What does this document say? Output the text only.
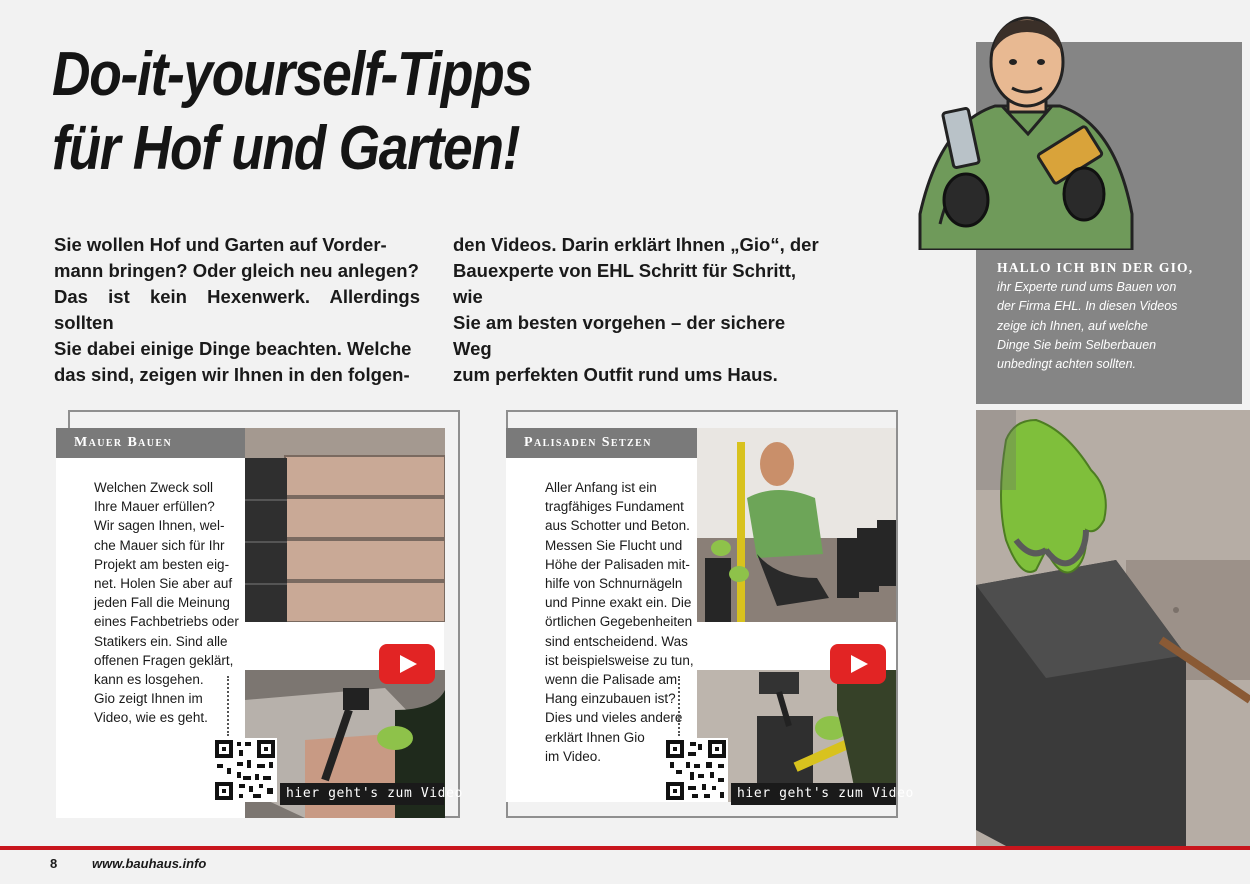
Do-it-yourself-Tipps
für Hof und Garten!
Sie wollen Hof und Garten auf Vorder-
mann bringen? Oder gleich neu anlegen?
Das ist kein Hexenwerk. Allerdings sollten
Sie dabei einige Dinge beachten. Welche
das sind, zeigen wir Ihnen in den folgen-
den Videos. Darin erklärt Ihnen „Gio“, der
Bauexperte von EHL Schritt für Schritt, wie
Sie am besten vorgehen – der sichere Weg
zum perfekten Outfit rund ums Haus.
HALLO ICH BIN DER GIO,
ihr Experte rund ums Bauen von
der Firma EHL. In diesen Videos
zeige ich Ihnen, auf welche
Dinge Sie beim Selberbauen
unbedingt achten sollten.
Mauer Bauen
Welchen Zweck soll
Ihre Mauer erfüllen?
Wir sagen Ihnen, wel-
che Mauer sich für Ihr
Projekt am besten eig-
net. Holen Sie aber auf
jeden Fall die Meinung
eines Fachbetriebs oder
Statikers ein. Sind alle
offenen Fragen geklärt,
kann es losgehen.
Gio zeigt Ihnen im
Video, wie es geht.
hier geht's zum Video
Palisaden Setzen
Aller Anfang ist ein
tragfähiges Fundament
aus Schotter und Beton.
Messen Sie Flucht und
Höhe der Palisaden mit-
hilfe von Schnurnägeln
und Pinne exakt ein. Die
örtlichen Gegebenheiten
sind entscheidend. Was
ist beispielsweise zu tun,
wenn die Palisade am
Hang einzubauen ist?
Dies und vieles andere
erklärt Ihnen Gio
im Video.
hier geht's zum Video
8	www.bauhaus.info
